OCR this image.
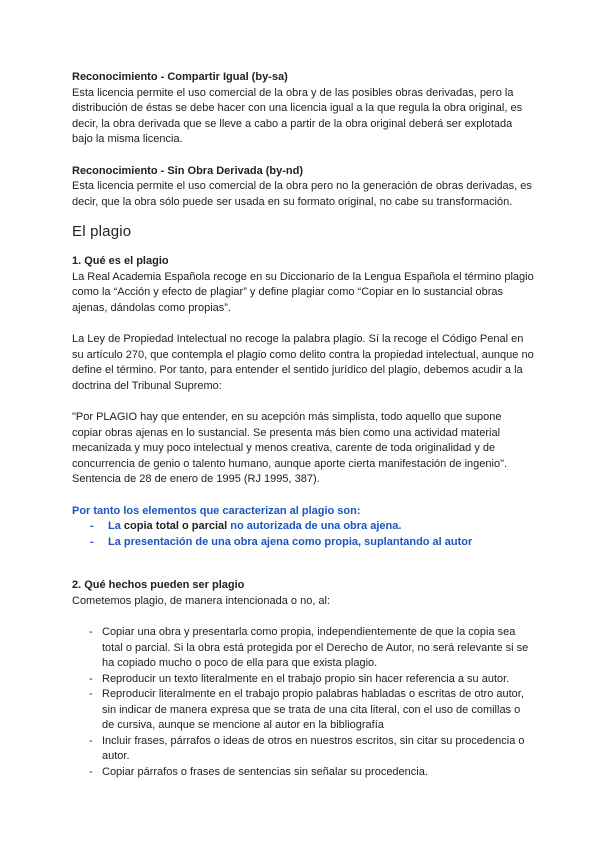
Reconocimiento - Compartir Igual (by-sa)

Esta licencia permite el uso comercial de la obra y de las posibles obras derivadas, pero la distribución de éstas se debe hacer con una licencia igual a la que regula la obra original, es decir, la obra derivada que se lleve a cabo a partir de la obra original deberá ser explotada bajo la misma licencia.

Reconocimiento - Sin Obra Derivada (by-nd)

Esta licencia permite el uso comercial de la obra pero no la generación de obras derivadas, es decir, que la obra sólo puede ser usada en su formato original, no cabe su transformación.

El plagio

1. Qué es el plagio

La Real Academia Española recoge en su Diccionario de la Lengua Española el término plagio como la “Acción y efecto de plagiar” y define plagiar como “Copiar en lo sustancial obras ajenas, dándolas como propias”.

La Ley de Propiedad Intelectual no recoge la palabra plagio. Sí la recoge el Código Penal en su artículo 270, que contempla el plagio como delito contra la propiedad intelectual, aunque no define el término. Por tanto, para entender el sentido jurídico del plagio, debemos acudir a la doctrina del Tribunal Supremo:

"Por PLAGIO hay que entender, en su acepción más simplista, todo aquello que supone copiar obras ajenas en lo sustancial. Se presenta más bien como una actividad material mecanizada y muy poco intelectual y menos creativa, carente de toda originalidad y de concurrencia de genio o talento humano, aunque aporte cierta manifestación de ingenio". Sentencia de 28 de enero de 1995 (RJ 1995, 387).

Por tanto los elementos que caracterizan al plagio son:

- La copia total o parcial no autorizada de una obra ajena.
- La presentación de una obra ajena como propia, suplantando al autor

2. Qué hechos pueden ser plagio

Cometemos plagio, de manera intencionada o no, al:

- Copiar una obra y presentarla como propia, independientemente de que la copia sea total o parcial. Si la obra está protegida por el Derecho de Autor, no será relevante si se ha copiado mucho o poco de ella para que exista plagio.
- Reproducir un texto literalmente en el trabajo propio sin hacer referencia a su autor.
- Reproducir literalmente en el trabajo propio palabras habladas o escritas de otro autor, sin indicar de manera expresa que se trata de una cita literal, con el uso de comillas o de cursiva, aunque se mencione al autor en la bibliografía
- Incluir frases, párrafos o ideas de otros en nuestros escritos, sin citar su procedencia o autor.
- Copiar párrafos o frases de sentencias sin señalar su procedencia.
